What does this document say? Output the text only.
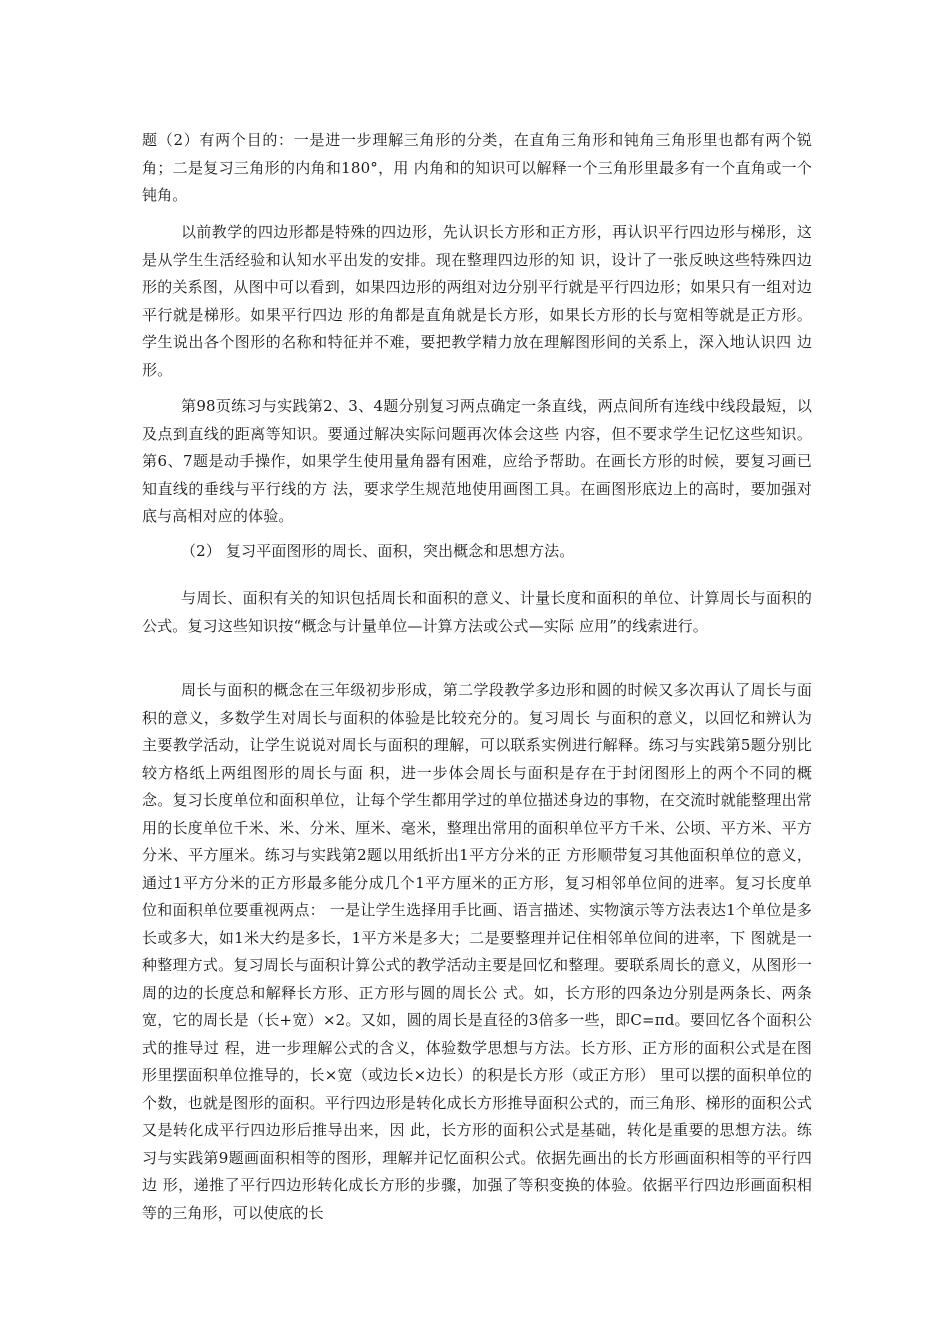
题（2）有两个目的：一是进一步理解三角形的分类，在直角三角形和钝角三角形里也都有两个锐角；二是复习三角形的内角和180°，用 内角和的知识可以解释一个三角形里最多有一个直角或一个钝角。

以前教学的四边形都是特殊的四边形，先认识长方形和正方形，再认识平行四边形与梯形，这是从学生生活经验和认知水平出发的安排。现在整理四边形的知 识，设计了一张反映这些特殊四边形的关系图，从图中可以看到，如果四边形的两组对边分别平行就是平行四边形；如果只有一组对边平行就是梯形。如果平行四边 形的角都是直角就是长方形，如果长方形的长与宽相等就是正方形。学生说出各个图形的名称和特征并不难，要把教学精力放在理解图形间的关系上，深入地认识四 边形。

第98页练习与实践第2、3、4题分别复习两点确定一条直线，两点间所有连线中线段最短，以及点到直线的距离等知识。要通过解决实际问题再次体会这些 内容，但不要求学生记忆这些知识。第6、7题是动手操作，如果学生使用量角器有困难，应给予帮助。在画长方形的时候，要复习画已知直线的垂线与平行线的方 法，要求学生规范地使用画图工具。在画图形底边上的高时，要加强对底与高相对应的体验。

（2） 复习平面图形的周长、面积，突出概念和思想方法。

与周长、面积有关的知识包括周长和面积的意义、计量长度和面积的单位、计算周长与面积的公式。复习这些知识按“概念与计量单位—计算方法或公式—实际 应用”的线索进行。

周长与面积的概念在三年级初步形成，第二学段教学多边形和圆的时候又多次再认了周长与面积的意义，多数学生对周长与面积的体验是比较充分的。复习周长 与面积的意义，以回忆和辨认为主要教学活动，让学生说说对周长与面积的理解，可以联系实例进行解释。练习与实践第5题分别比较方格纸上两组图形的周长与面 积，进一步体会周长与面积是存在于封闭图形上的两个不同的概念。复习长度单位和面积单位，让每个学生都用学过的单位描述身边的事物，在交流时就能整理出常 用的长度单位千米、米、分米、厘米、毫米，整理出常用的面积单位平方千米、公顷、平方米、平方分米、平方厘米。练习与实践第2题以用纸折出1平方分米的正 方形顺带复习其他面积单位的意义，通过1平方分米的正方形最多能分成几个1平方厘米的正方形，复习相邻单位间的进率。复习长度单位和面积单位要重视两点： 一是让学生选择用手比画、语言描述、实物演示等方法表达1个单位是多长或多大，如1米大约是多长，1平方米是多大；二是要整理并记住相邻单位间的进率，下 图就是一种整理方式。复习周长与面积计算公式的教学活动主要是回忆和整理。要联系周长的意义，从图形一周的边的长度总和解释长方形、正方形与圆的周长公 式。如，长方形的四条边分别是两条长、两条宽，它的周长是（长+宽）×2。又如，圆的周长是直径的3倍多一些，即C=πd。要回忆各个面积公式的推导过 程，进一步理解公式的含义，体验数学思想与方法。长方形、正方形的面积公式是在图形里摆面积单位推导的，长×宽（或边长×边长）的积是长方形（或正方形） 里可以摆的面积单位的个数，也就是图形的面积。平行四边形是转化成长方形推导面积公式的，而三角形、梯形的面积公式又是转化成平行四边形后推导出来，因 此，长方形的面积公式是基础，转化是重要的思想方法。练习与实践第9题画面积相等的图形，理解并记忆面积公式。依据先画出的长方形画面积相等的平行四边 形，递推了平行四边形转化成长方形的步骤，加强了等积变换的体验。依据平行四边形画面积相等的三角形，可以使底的长
